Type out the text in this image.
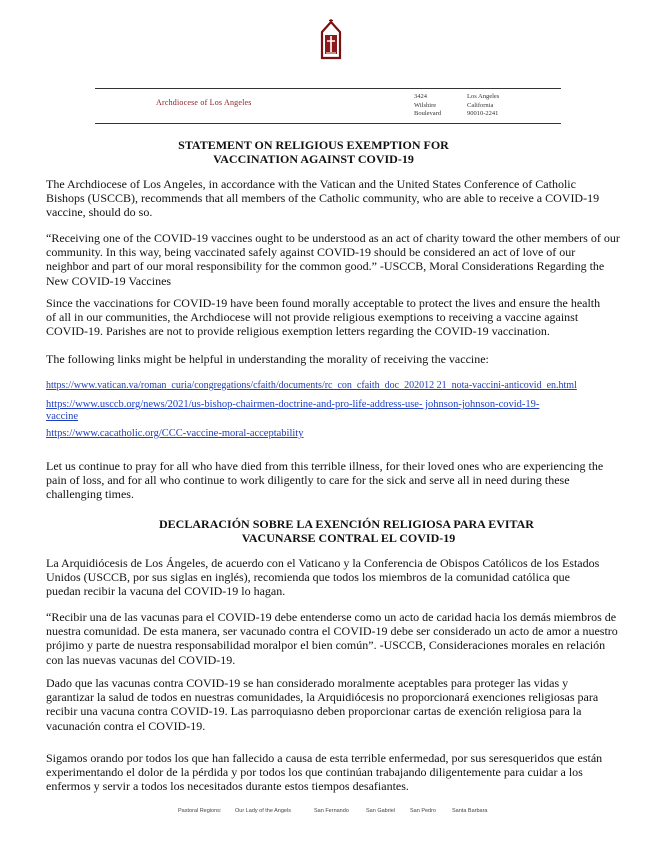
Archdiocese of Los Angeles
3424
Wilshire
Boulevard
Los Angeles
California
90010-2241
STATEMENT ON RELIGIOUS EXEMPTION FOR
VACCINATION AGAINST COVID-19
The Archdiocese of Los Angeles, in accordance with the Vatican and the United States Conference of Catholic
Bishops (USCCB), recommends that all members of the Catholic community, who are able to receive a COVID-19
vaccine, should do so.
“Receiving one of the COVID-19 vaccines ought to be understood as an act of charity toward the other members of our
community. In this way, being vaccinated safely against COVID-19 should be considered an act of love of our
neighbor and part of our moral responsibility for the common good.” -USCCB, Moral Considerations Regarding the
New COVID-19 Vaccines
Since the vaccinations for COVID-19 have been found morally acceptable to protect the lives and ensure the health
of all in our communities, the Archdiocese will not provide religious exemptions to receiving a vaccine against
COVID-19. Parishes are not to provide religious exemption letters regarding the COVID-19 vaccination.
The following links might be helpful in understanding the morality of receiving the vaccine:
https://www.vatican.va/roman_curia/congregations/cfaith/documents/rc_con_cfaith_doc_202012 21_nota-vaccini-anticovid_en.html
https://www.usccb.org/news/2021/us-bishop-chairmen-doctrine-and-pro-life-address-use- johnson-johnson-covid-19-
vaccine
https://www.cacatholic.org/CCC-vaccine-moral-acceptability
Let us continue to pray for all who have died from this terrible illness, for their loved ones who are experiencing the
pain of loss, and for all who continue to work diligently to care for the sick and serve all in need during these
challenging times.
DECLARACIÓN SOBRE LA EXENCIÓN RELIGIOSA PARA EVITAR
VACUNARSE CONTRAL EL COVID-19
La Arquidiócesis de Los Ángeles, de acuerdo con el Vaticano y la Conferencia de Obispos Católicos de los Estados
Unidos (USCCB, por sus siglas en inglés), recomienda que todos los miembros de la comunidad católica que
puedan recibir la vacuna del COVID-19 lo hagan.
“Recibir una de las vacunas para el COVID-19 debe entenderse como un acto de caridad hacia los demás miembros de
nuestra comunidad. De esta manera, ser vacunado contra el COVID-19 debe ser considerado un acto de amor a nuestro
prójimo y parte de nuestra responsabilidad moralpor el bien común”. -USCCB, Consideraciones morales en relación
con las nuevas vacunas del COVID-19.
Dado que las vacunas contra COVID-19 se han considerado moralmente aceptables para proteger las vidas y
garantizar la salud de todos en nuestras comunidades, la Arquidiócesis no proporcionará exenciones religiosas para
recibir una vacuna contra COVID-19. Las parroquiasno deben proporcionar cartas de exención religiosa para la
vacunación contra el COVID-19.
Sigamos orando por todos los que han fallecido a causa de esta terrible enfermedad, por sus seresqueridos que están
experimentando el dolor de la pérdida y por todos los que continúan trabajando diligentemente para cuidar a los
enfermos y servir a todos los necesitados durante estos tiempos desafiantes.
Pastoral Regions: Our Lady of the Angels	San Fernando	San Gabriel	San Pedro	Santa Barbara
